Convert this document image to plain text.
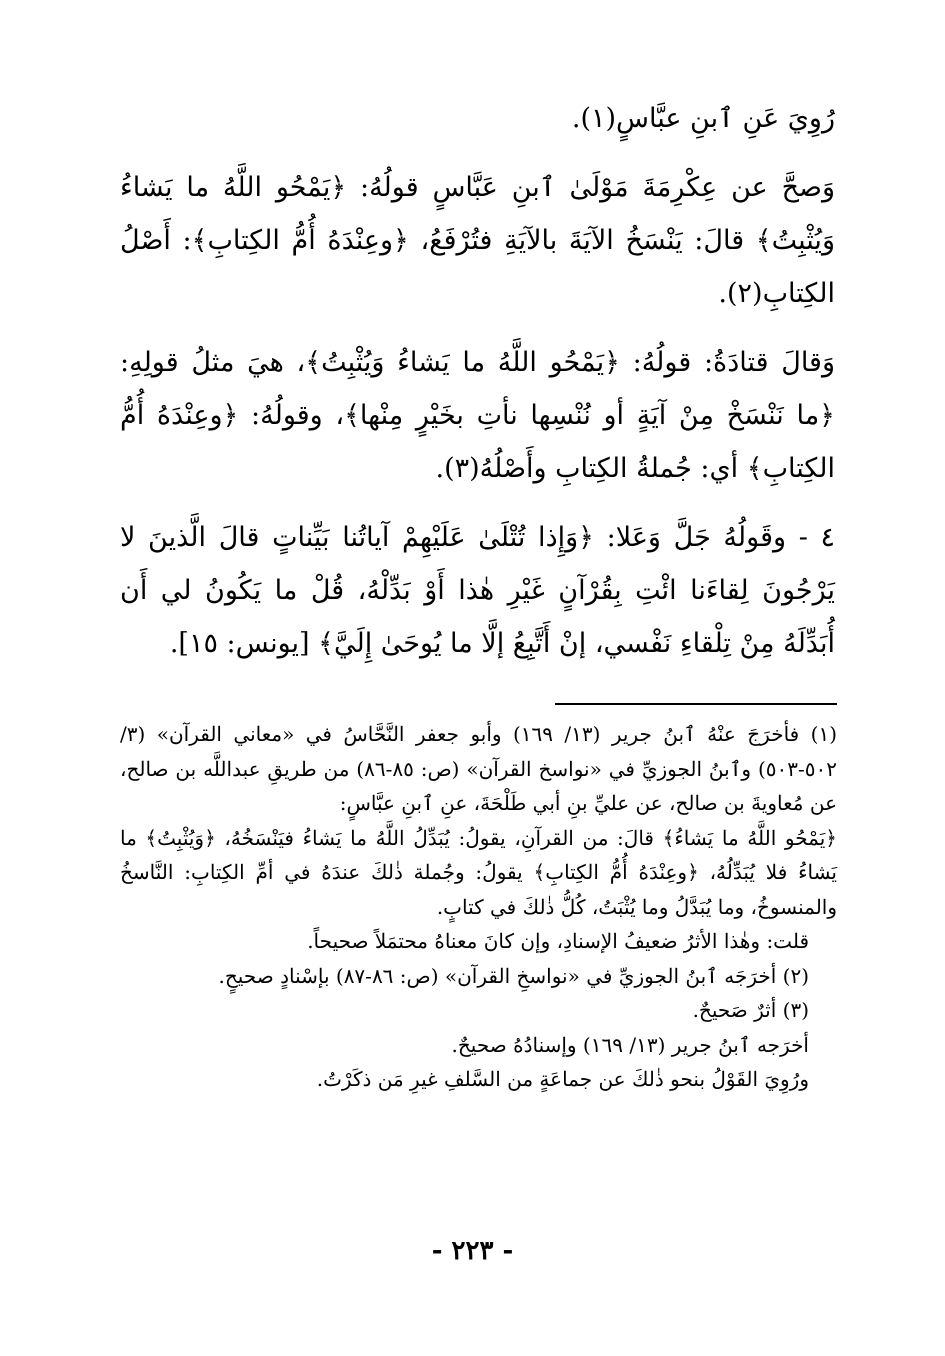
رُوِيَ عَنِ ٱبنِ عبَّاسٍ(١).

وَصحَّ عن عِكْرِمَةَ مَوْلَىٰ ٱبنِ عَبَّاسٍ قولُهُ: ﴿يَمْحُو اللَّهُ ما يَشاءُ وَيُثْبِتُ﴾ قالَ: يَنْسَخُ الآيَةَ بالآيَةِ فتُرْفَعُ، ﴿وعِنْدَهُ أُمُّ الكِتابِ﴾: أَصْلُ الكِتابِ(٢).

وَقالَ قتادَةُ: قولُهُ: ﴿يَمْحُو اللَّهُ ما يَشاءُ وَيُثْبِتُ﴾، هيَ مثلُ قولِهِ: ﴿ما نَنْسَخْ مِنْ آيَةٍ أو نُنْسِها نأتِ بخَيْرٍ مِنْها﴾، وقولُهُ: ﴿وعِنْدَهُ أُمُّ الكِتابِ﴾ أي: جُملةُ الكِتابِ وأَصْلُهُ(٣).

٤ - وقَولُهُ جَلَّ وَعَلا: ﴿وَإِذا تُتْلَىٰ عَلَيْهِمْ آياتُنا بَيِّناتٍ قالَ الَّذينَ لا يَرْجُونَ لِقاءَنا ائْتِ بِقُرْآنٍ غَيْرِ هٰذا أَوْ بَدِّلْهُ، قُلْ ما يَكُونُ لي أَن أُبَدِّلَهُ مِنْ تِلْقاءِ نَفْسي، إنْ أَتَّبِعُ إلَّا ما يُوحَىٰ إِلَيَّ﴾ [يونس: ١٥].

(١) فأخرَجَ عنْهُ ٱبنُ جرير (١٣/ ١٦٩) وأبو جعفر النَّحَّاسُ في «معاني القرآن» (٣/ ٥٠٢-٥٠٣) وٱبنُ الجوزيِّ في «نواسخ القرآن» (ص: ٨٥-٨٦) من طريقِ عبداللَّه بن صالح، عن مُعاويةَ بن صالح، عن عليِّ بنِ أبي طَلْحَةَ، عنِ ٱبنِ عبَّاسٍ:

﴿يَمْحُو اللَّهُ ما يَشاءُ﴾ قالَ: من القرآنِ، يقولُ: يُبَدِّلُ اللَّهُ ما يَشاءُ فيَنْسَخُهُ، ﴿وَيُثْبِتُ﴾ ما يَشاءُ فلا يُبَدِّلُهُ، ﴿وعِنْدَهُ أُمُّ الكِتابِ﴾ يقولُ: وجُملة ذٰلكَ عندَهُ في أمِّ الكِتابِ: النَّاسخُ والمنسوخُ، وما يُبَدَّلُ وما يُثْبَتُ، كُلُّ ذٰلكَ في كتابٍ.

قلت: وهٰذا الأثرُ ضعيفُ الإسنادِ، وإن كانَ معناهُ محتمَلاً صحيحاً.

(٢) أخرَجَه ٱبنُ الجوزيِّ في «نواسخِ القرآن» (ص: ٨٦-٨٧) بإسْنادٍ صحيحٍ.

(٣) أثرٌ صَحيحٌ.

أخرَجه ٱبنُ جرير (١٣/ ١٦٩) وإسنادُهُ صحيحٌ.

ورُوِيَ القَوْلُ بنحو ذٰلكَ عن جماعَةٍ من السَّلفِ غيرِ مَن ذكَرْتُ.

- ٢٢٣ -
